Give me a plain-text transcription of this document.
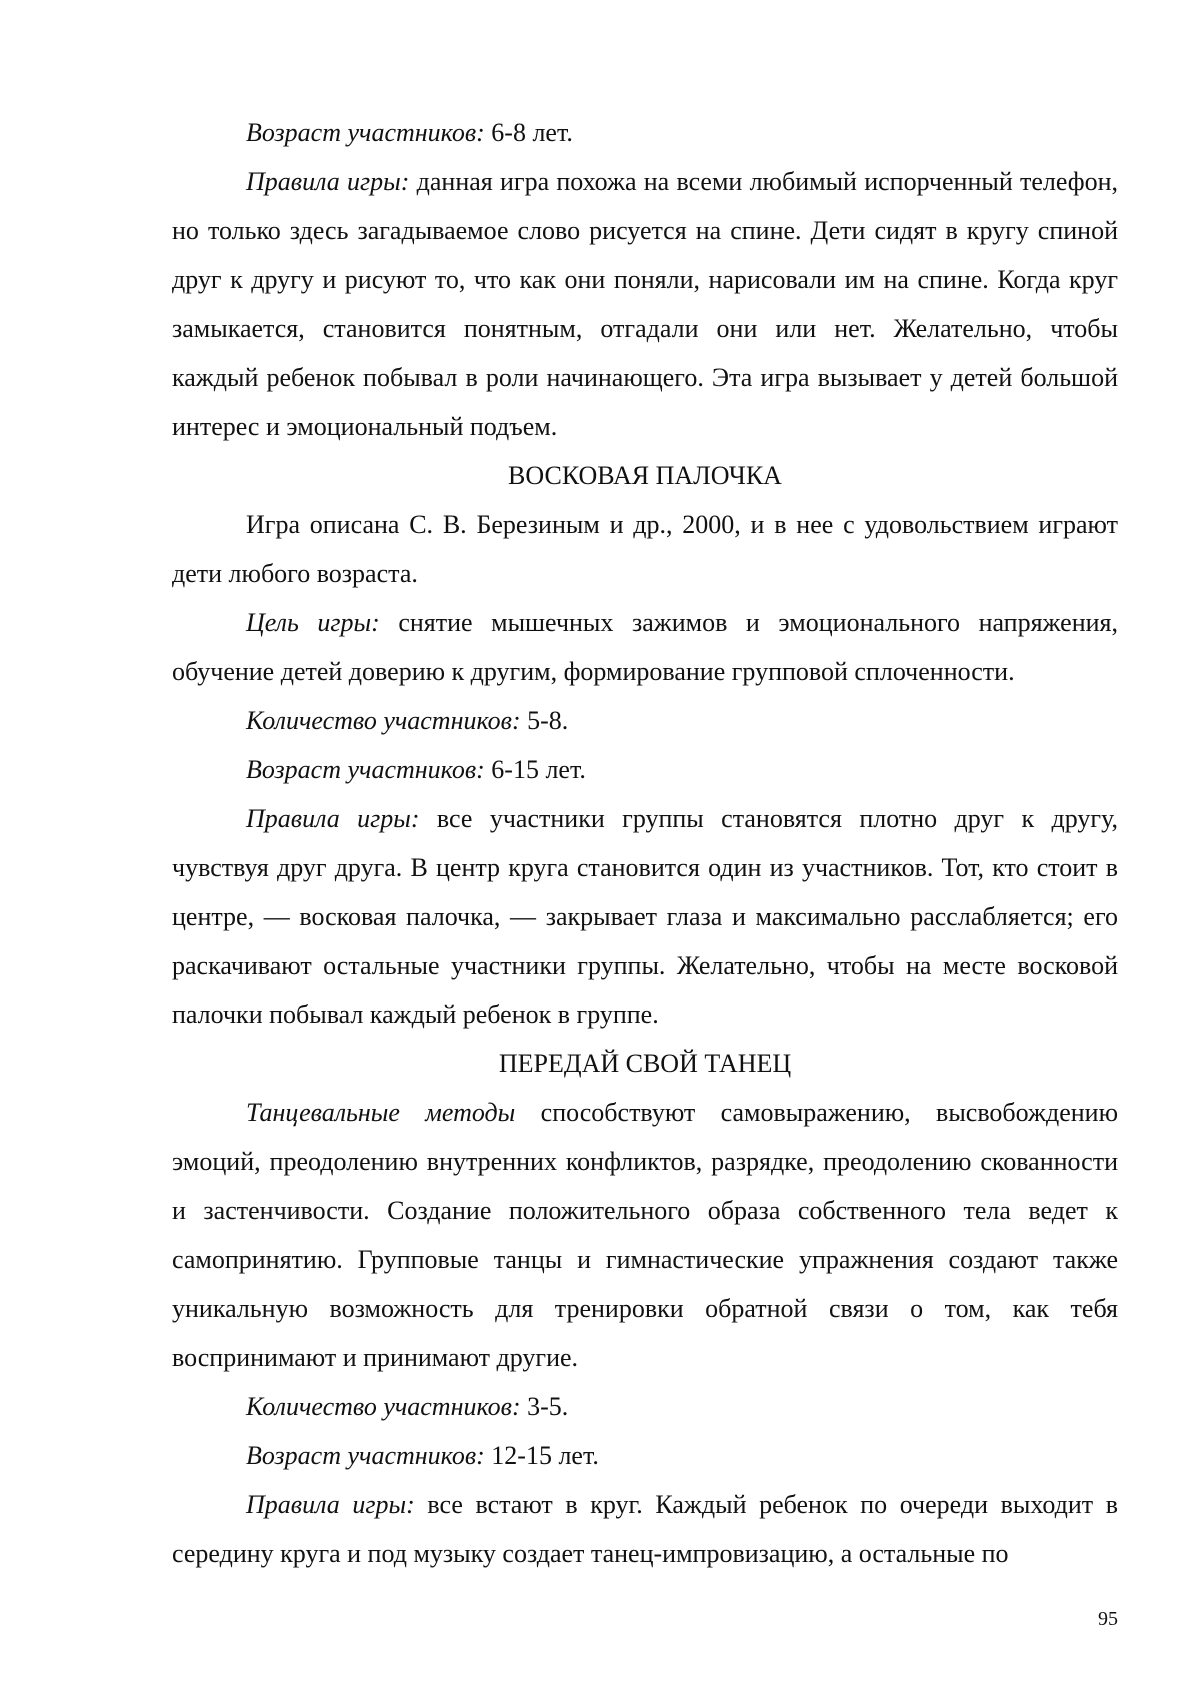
Возраст участников: 6-8 лет.

Правила игры: данная игра похожа на всеми любимый испорченный телефон, но только здесь загадываемое слово рисуется на спине. Дети сидят в кругу спиной друг к другу и рисуют то, что как они поняли, нарисовали им на спине. Когда круг замыкается, становится понятным, отгадали они или нет. Желательно, чтобы каждый ребенок побывал в роли начинающего. Эта игра вызывает у детей большой интерес и эмоциональный подъем.

ВОСКОВАЯ ПАЛОЧКА

Игра описана С. В. Березиным и др., 2000, и в нее с удовольствием играют дети любого возраста.

Цель игры: снятие мышечных зажимов и эмоционального напряжения, обучение детей доверию к другим, формирование групповой сплоченности.

Количество участников: 5-8.

Возраст участников: 6-15 лет.

Правила игры: все участники группы становятся плотно друг к другу, чувствуя друг друга. В центр круга становится один из участников. Тот, кто стоит в центре, — восковая палочка, — закрывает глаза и максимально расслабляется; его раскачивают остальные участники группы. Желательно, чтобы на месте восковой палочки побывал каждый ребенок в группе.

ПЕРЕДАЙ СВОЙ ТАНЕЦ

Танцевальные методы способствуют самовыражению, высвобождению эмоций, преодолению внутренних конфликтов, разрядке, преодолению скованности и застенчивости. Создание положительного образа собственного тела ведет к самопринятию. Групповые танцы и гимнастические упражнения создают также уникальную возможность для тренировки обратной связи о том, как тебя воспринимают и принимают другие.

Количество участников: 3-5.

Возраст участников: 12-15 лет.

Правила игры: все встают в круг. Каждый ребенок по очереди выходит в середину круга и под музыку создает танец-импровизацию, а остальные по

95
